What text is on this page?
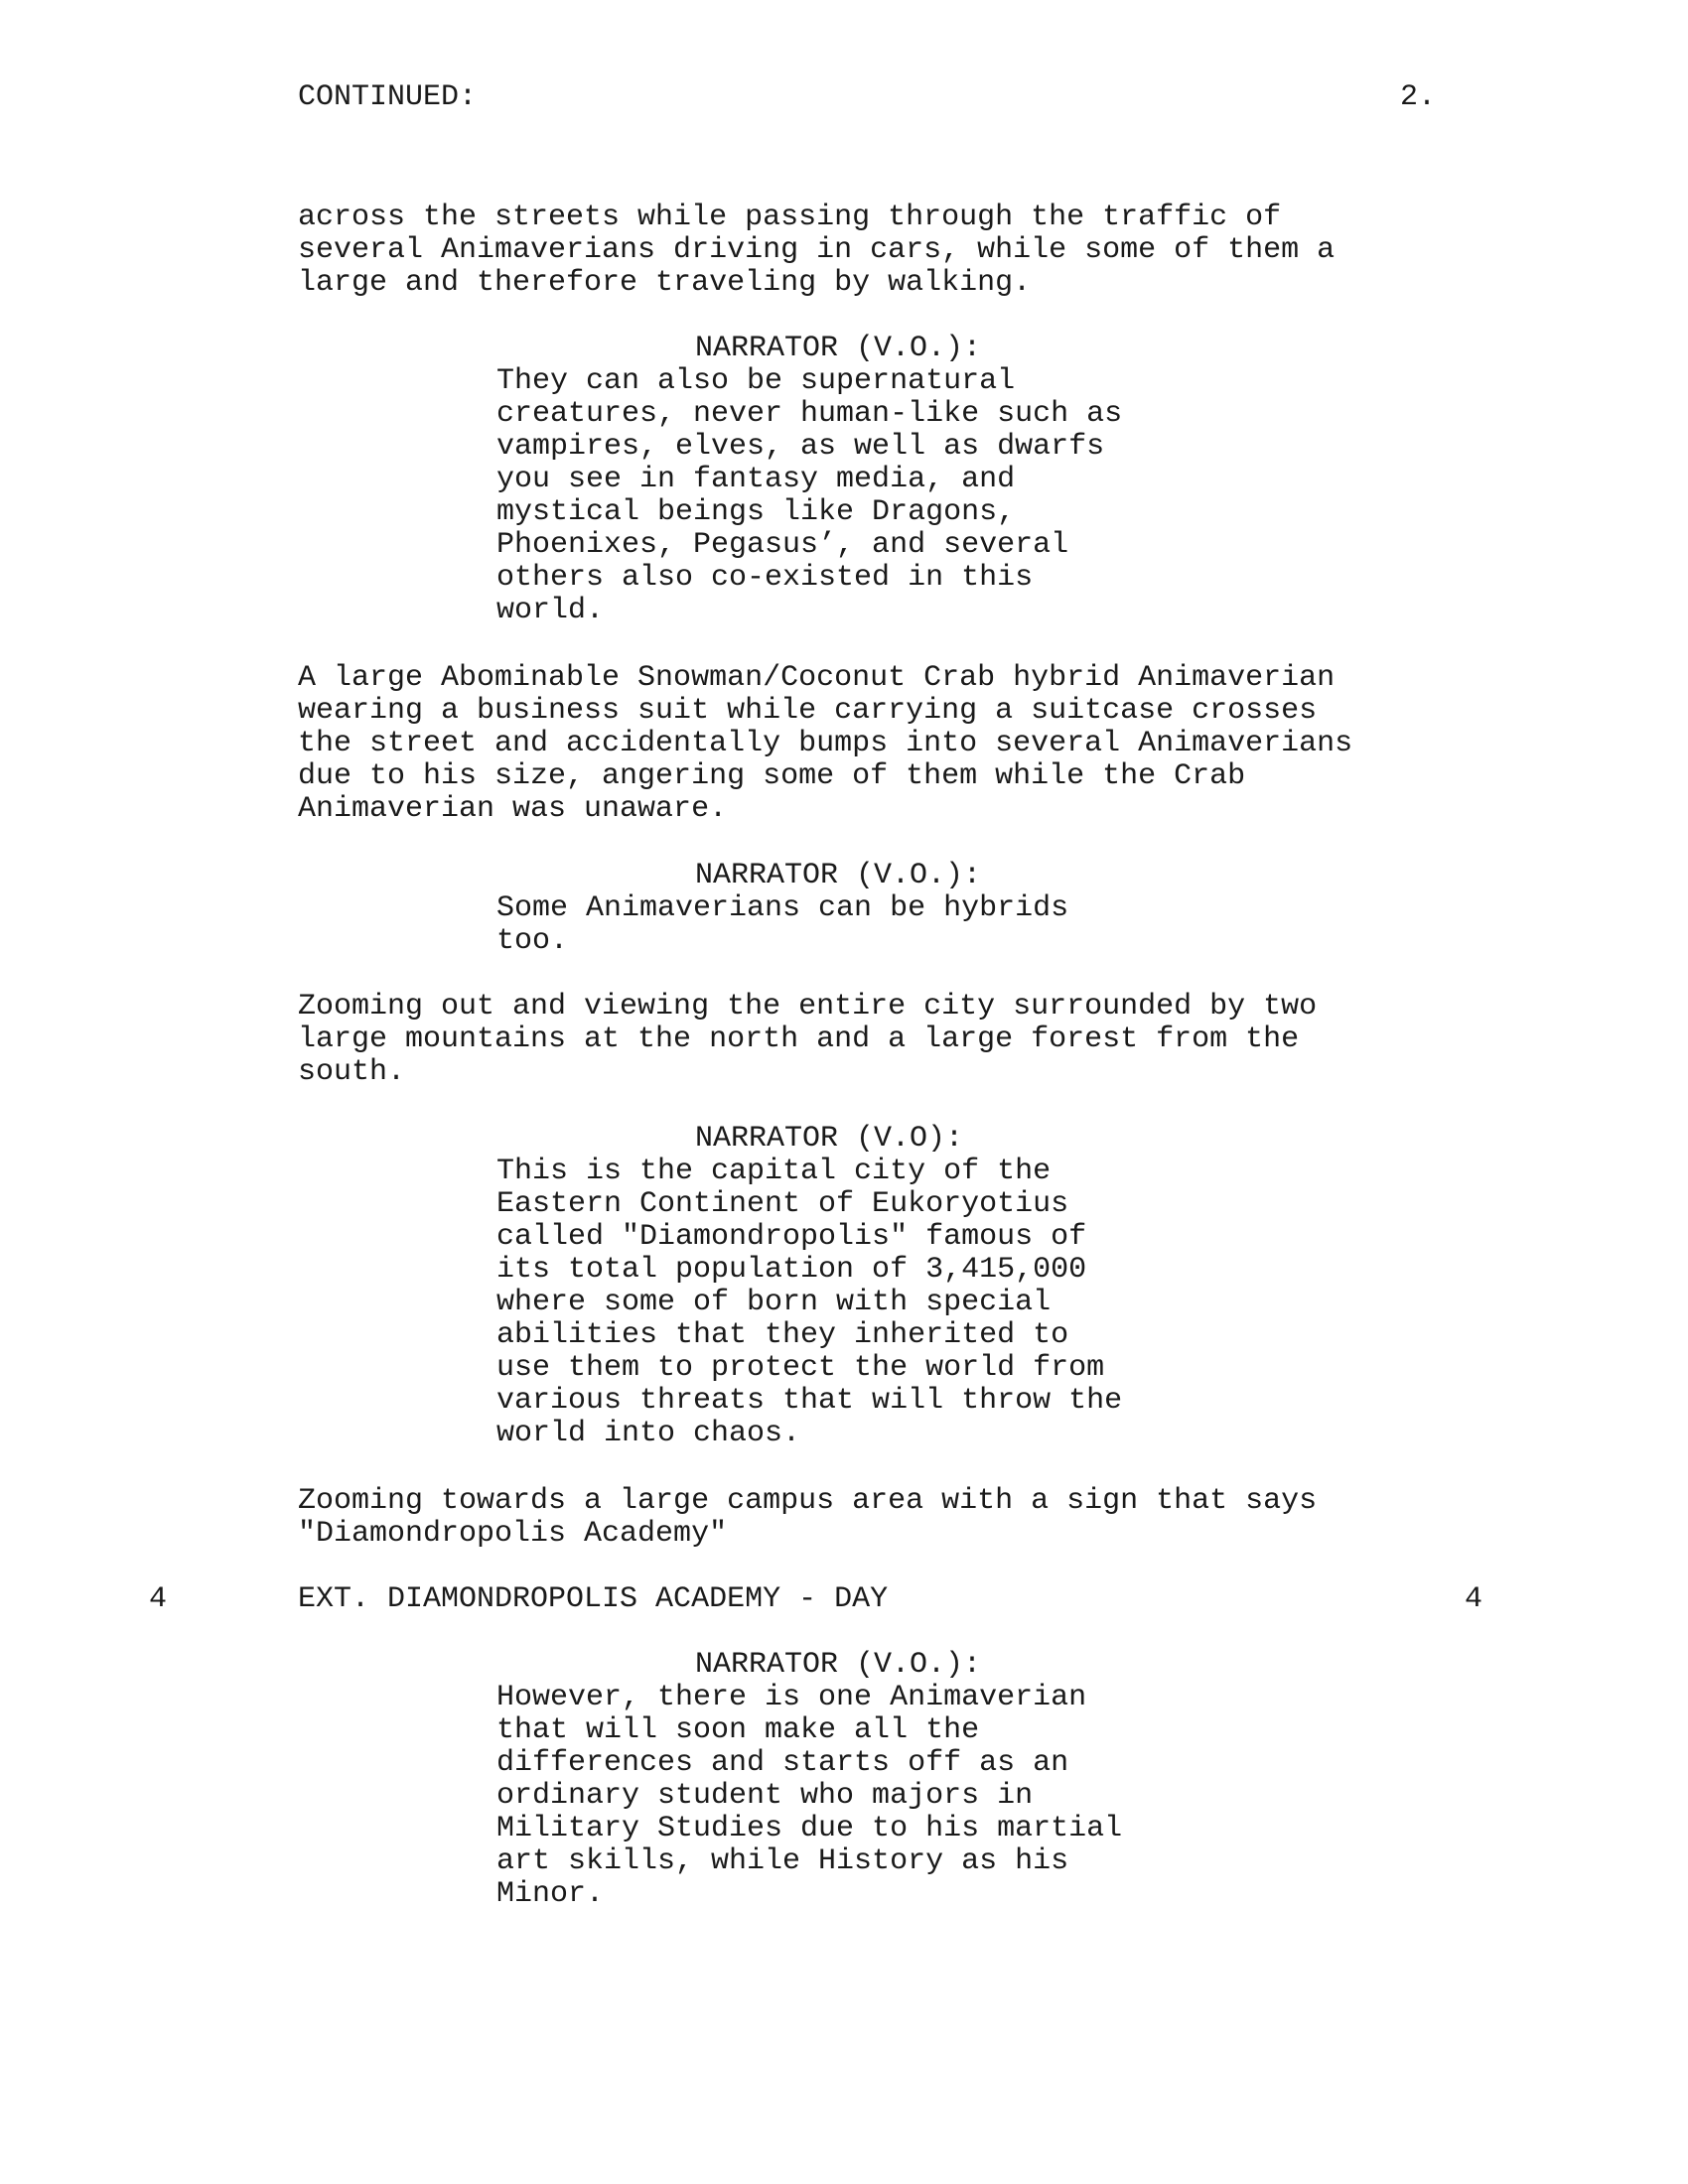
CONTINUED:	2.
across the streets while passing through the traffic of
several Animaverians driving in cars, while some of them a
large and therefore traveling by walking.
NARRATOR (V.O.):
They can also be supernatural
creatures, never human-like such as
vampires, elves, as well as dwarfs
you see in fantasy media, and
mystical beings like Dragons,
Phoenixes, Pegasus’, and several
others also co-existed in this
world.
A large Abominable Snowman/Coconut Crab hybrid Animaverian
wearing a business suit while carrying a suitcase crosses
the street and accidentally bumps into several Animaverians
due to his size, angering some of them while the Crab
Animaverian was unaware.
NARRATOR (V.O.):
Some Animaverians can be hybrids
too.
Zooming out and viewing the entire city surrounded by two
large mountains at the north and a large forest from the
south.
NARRATOR (V.O):
This is the capital city of the
Eastern Continent of Eukoryotius
called "Diamondropolis" famous of
its total population of 3,415,000
where some of born with special
abilities that they inherited to
use them to protect the world from
various threats that will throw the
world into chaos.
Zooming towards a large campus area with a sign that says
"Diamondropolis Academy"
4	EXT. DIAMONDROPOLIS ACADEMY - DAY	4
NARRATOR (V.O.):
However, there is one Animaverian
that will soon make all the
differences and starts off as an
ordinary student who majors in
Military Studies due to his martial
art skills, while History as his
Minor.
